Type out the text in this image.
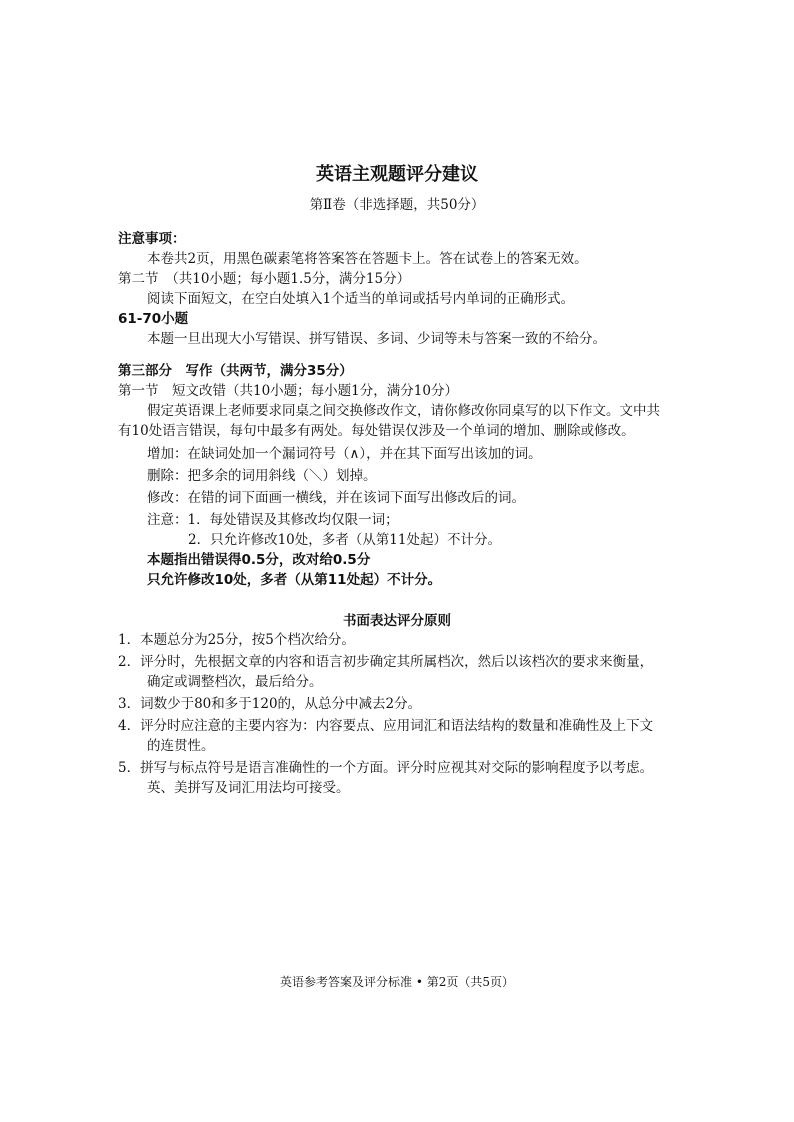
英语主观题评分建议
第Ⅱ卷（非选择题，共50分）
注意事项：
本卷共2页，用黑色碳素笔将答案答在答题卡上。答在试卷上的答案无效。
第二节　（共10小题；每小题1.5分，满分15分）
阅读下面短文，在空白处填入1个适当的单词或括号内单词的正确形式。
61-70小题
本题一旦出现大小写错误、拼写错误、多词、少词等未与答案一致的不给分。
第三部分　写作（共两节，满分35分）
第一节　短文改错（共10小题；每小题1分，满分10分）
假定英语课上老师要求同桌之间交换修改作文，请你修改你同桌写的以下作文。文中共
有10处语言错误，每句中最多有两处。每处错误仅涉及一个单词的增加、删除或修改。
增加：在缺词处加一个漏词符号（∧），并在其下面写出该加的词。
删除：把多余的词用斜线（＼）划掉。
修改：在错的词下面画一横线，并在该词下面写出修改后的词。
注意：1．每处错误及其修改均仅限一词；
2．只允许修改10处，多者（从第11处起）不计分。
本题指出错误得0.5分，改对给0.5分
只允许修改10处，多者（从第11处起）不计分。
书面表达评分原则
1．本题总分为25分，按5个档次给分。
2．评分时，先根据文章的内容和语言初步确定其所属档次，然后以该档次的要求来衡量，
确定或调整档次，最后给分。
3．词数少于80和多于120的，从总分中减去2分。
4．评分时应注意的主要内容为：内容要点、应用词汇和语法结构的数量和准确性及上下文
的连贯性。
5．拼写与标点符号是语言准确性的一个方面。评分时应视其对交际的影响程度予以考虑。
英、美拼写及词汇用法均可接受。
英语参考答案及评分标准 • 第2页（共5页）
